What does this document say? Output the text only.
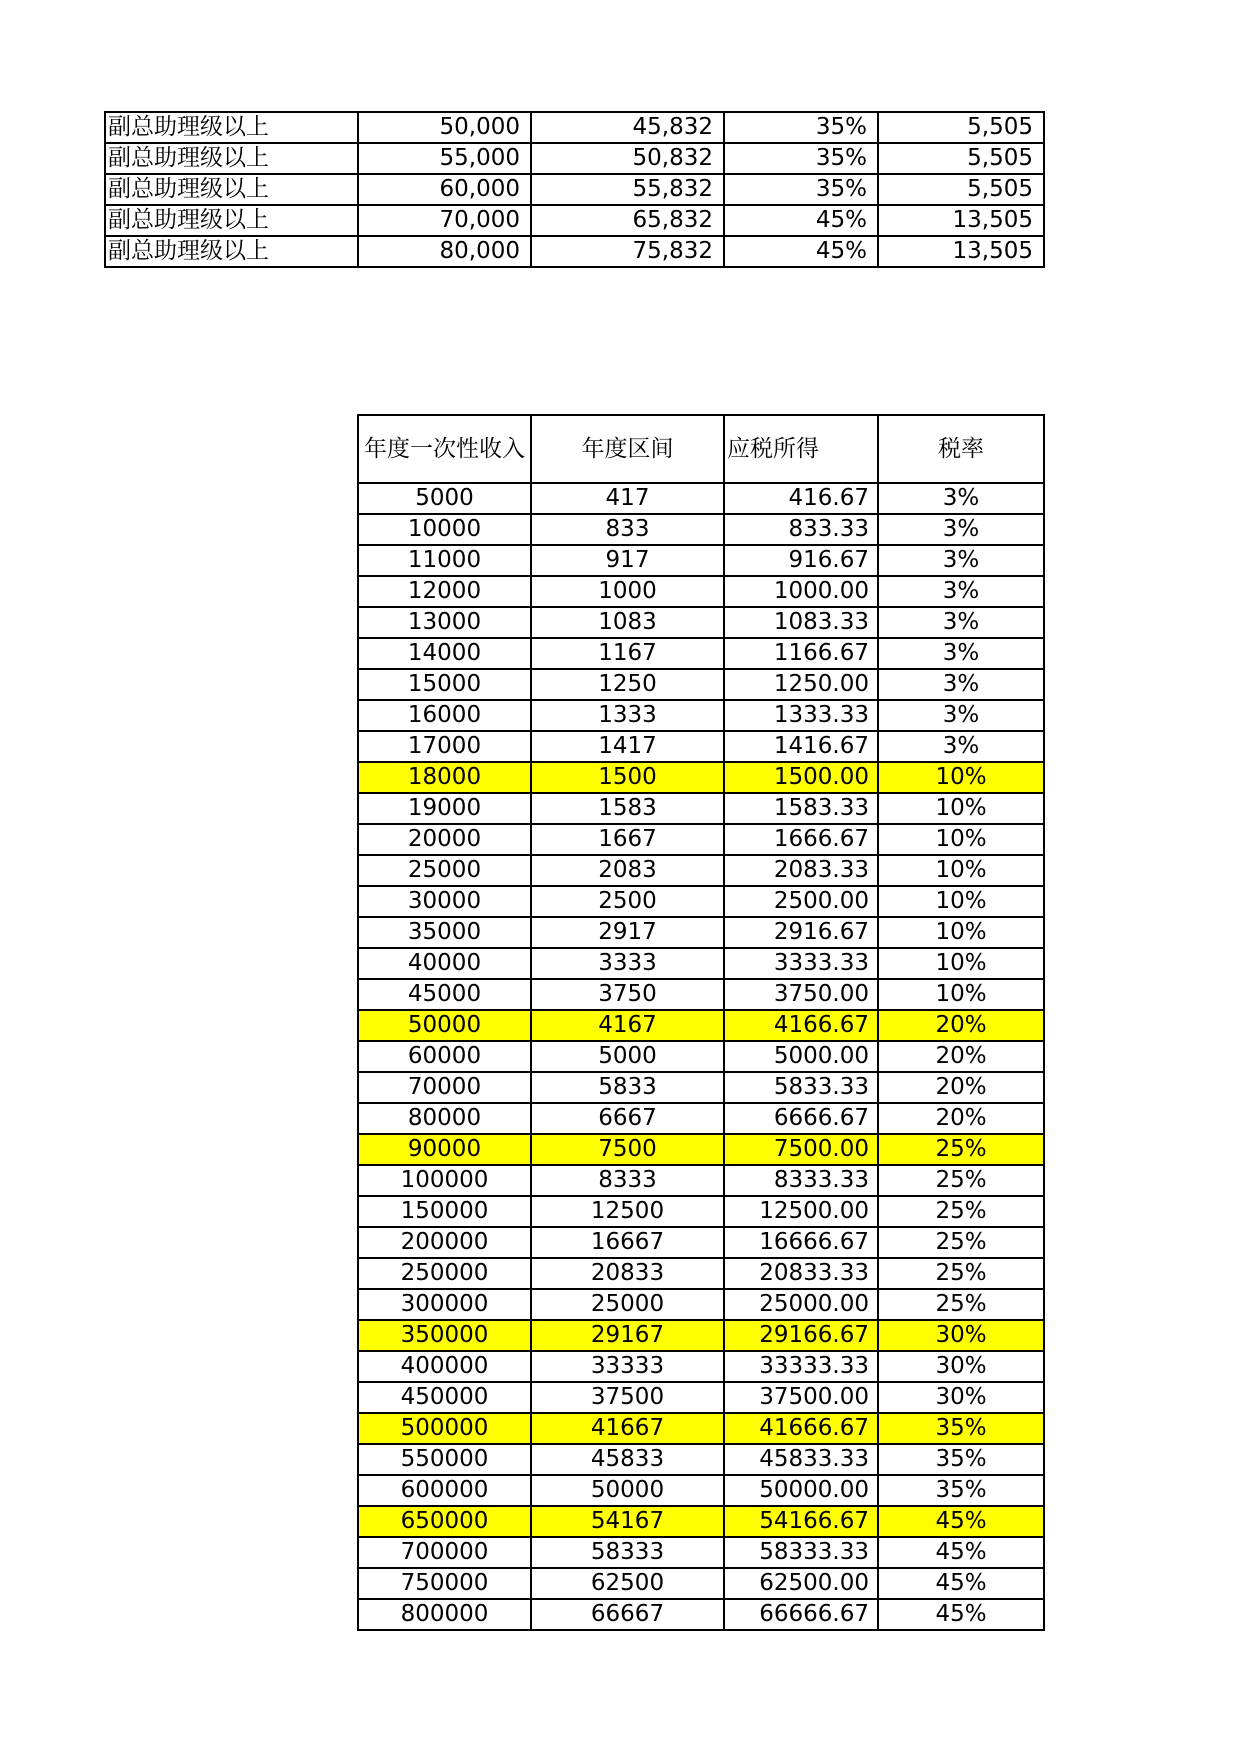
副总助理级以上	50,000	45,832	35%	5,505
副总助理级以上	55,000	50,832	35%	5,505
副总助理级以上	60,000	55,832	35%	5,505
副总助理级以上	70,000	65,832	45%	13,505
副总助理级以上	80,000	75,832	45%	13,505
年度一次性收入	年度区间	应税所得	税率
5000	417	416.67	3%
10000	833	833.33	3%
11000	917	916.67	3%
12000	1000	1000.00	3%
13000	1083	1083.33	3%
14000	1167	1166.67	3%
15000	1250	1250.00	3%
16000	1333	1333.33	3%
17000	1417	1416.67	3%
18000	1500	1500.00	10%
19000	1583	1583.33	10%
20000	1667	1666.67	10%
25000	2083	2083.33	10%
30000	2500	2500.00	10%
35000	2917	2916.67	10%
40000	3333	3333.33	10%
45000	3750	3750.00	10%
50000	4167	4166.67	20%
60000	5000	5000.00	20%
70000	5833	5833.33	20%
80000	6667	6666.67	20%
90000	7500	7500.00	25%
100000	8333	8333.33	25%
150000	12500	12500.00	25%
200000	16667	16666.67	25%
250000	20833	20833.33	25%
300000	25000	25000.00	25%
350000	29167	29166.67	30%
400000	33333	33333.33	30%
450000	37500	37500.00	30%
500000	41667	41666.67	35%
550000	45833	45833.33	35%
600000	50000	50000.00	35%
650000	54167	54166.67	45%
700000	58333	58333.33	45%
750000	62500	62500.00	45%
800000	66667	66666.67	45%
